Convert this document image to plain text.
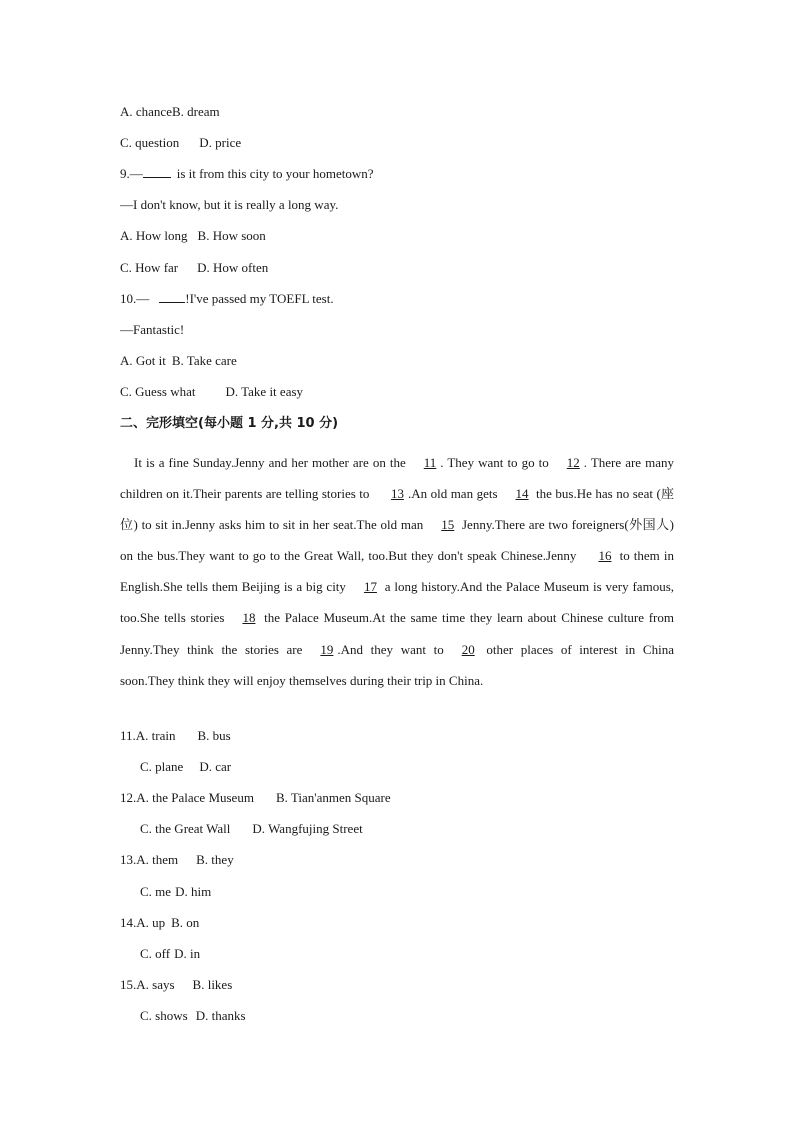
A. chanceB. dream
C. question D. price
9.—	is it from this city to your hometown?
—I don't know, but it is really a long way.
A. How long B. How soon
C. How far D. How often
10.—	!I've passed my TOEFL test.
—Fantastic!
A. Got it B. Take care
C. Guess what D. Take it easy
二、完形填空(每小题 1 分,共 10 分)
It is a fine Sunday.Jenny and her mother are on the 11 . They want to go to 12 . There are many children on it.Their parents are telling stories to 13 .An old man gets 14 the bus.He has no seat (座位) to sit in.Jenny asks him to sit in her seat.The old man 15 Jenny.There are two foreigners(外国人) on the bus.They want to go to the Great Wall, too.But they don't speak Chinese.Jenny 16 to them in English.She tells them Beijing is a big city 17 a long history.And the Palace Museum is very famous, too.She tells stories 18 the Palace Museum.At the same time they learn about Chinese culture from Jenny.They think the stories are 19 .And they want to 20 other places of interest in China soon.They think they will enjoy themselves during their trip in China.
11.A. train B. bus
C. plane D. car
12.A. the Palace Museum B. Tian'anmen Square
C. the Great Wall D. Wangfujing Street
13.A. them B. they
C. me D. him
14.A. up B. on
C. off D. in
15.A. says B. likes
C. shows D. thanks
